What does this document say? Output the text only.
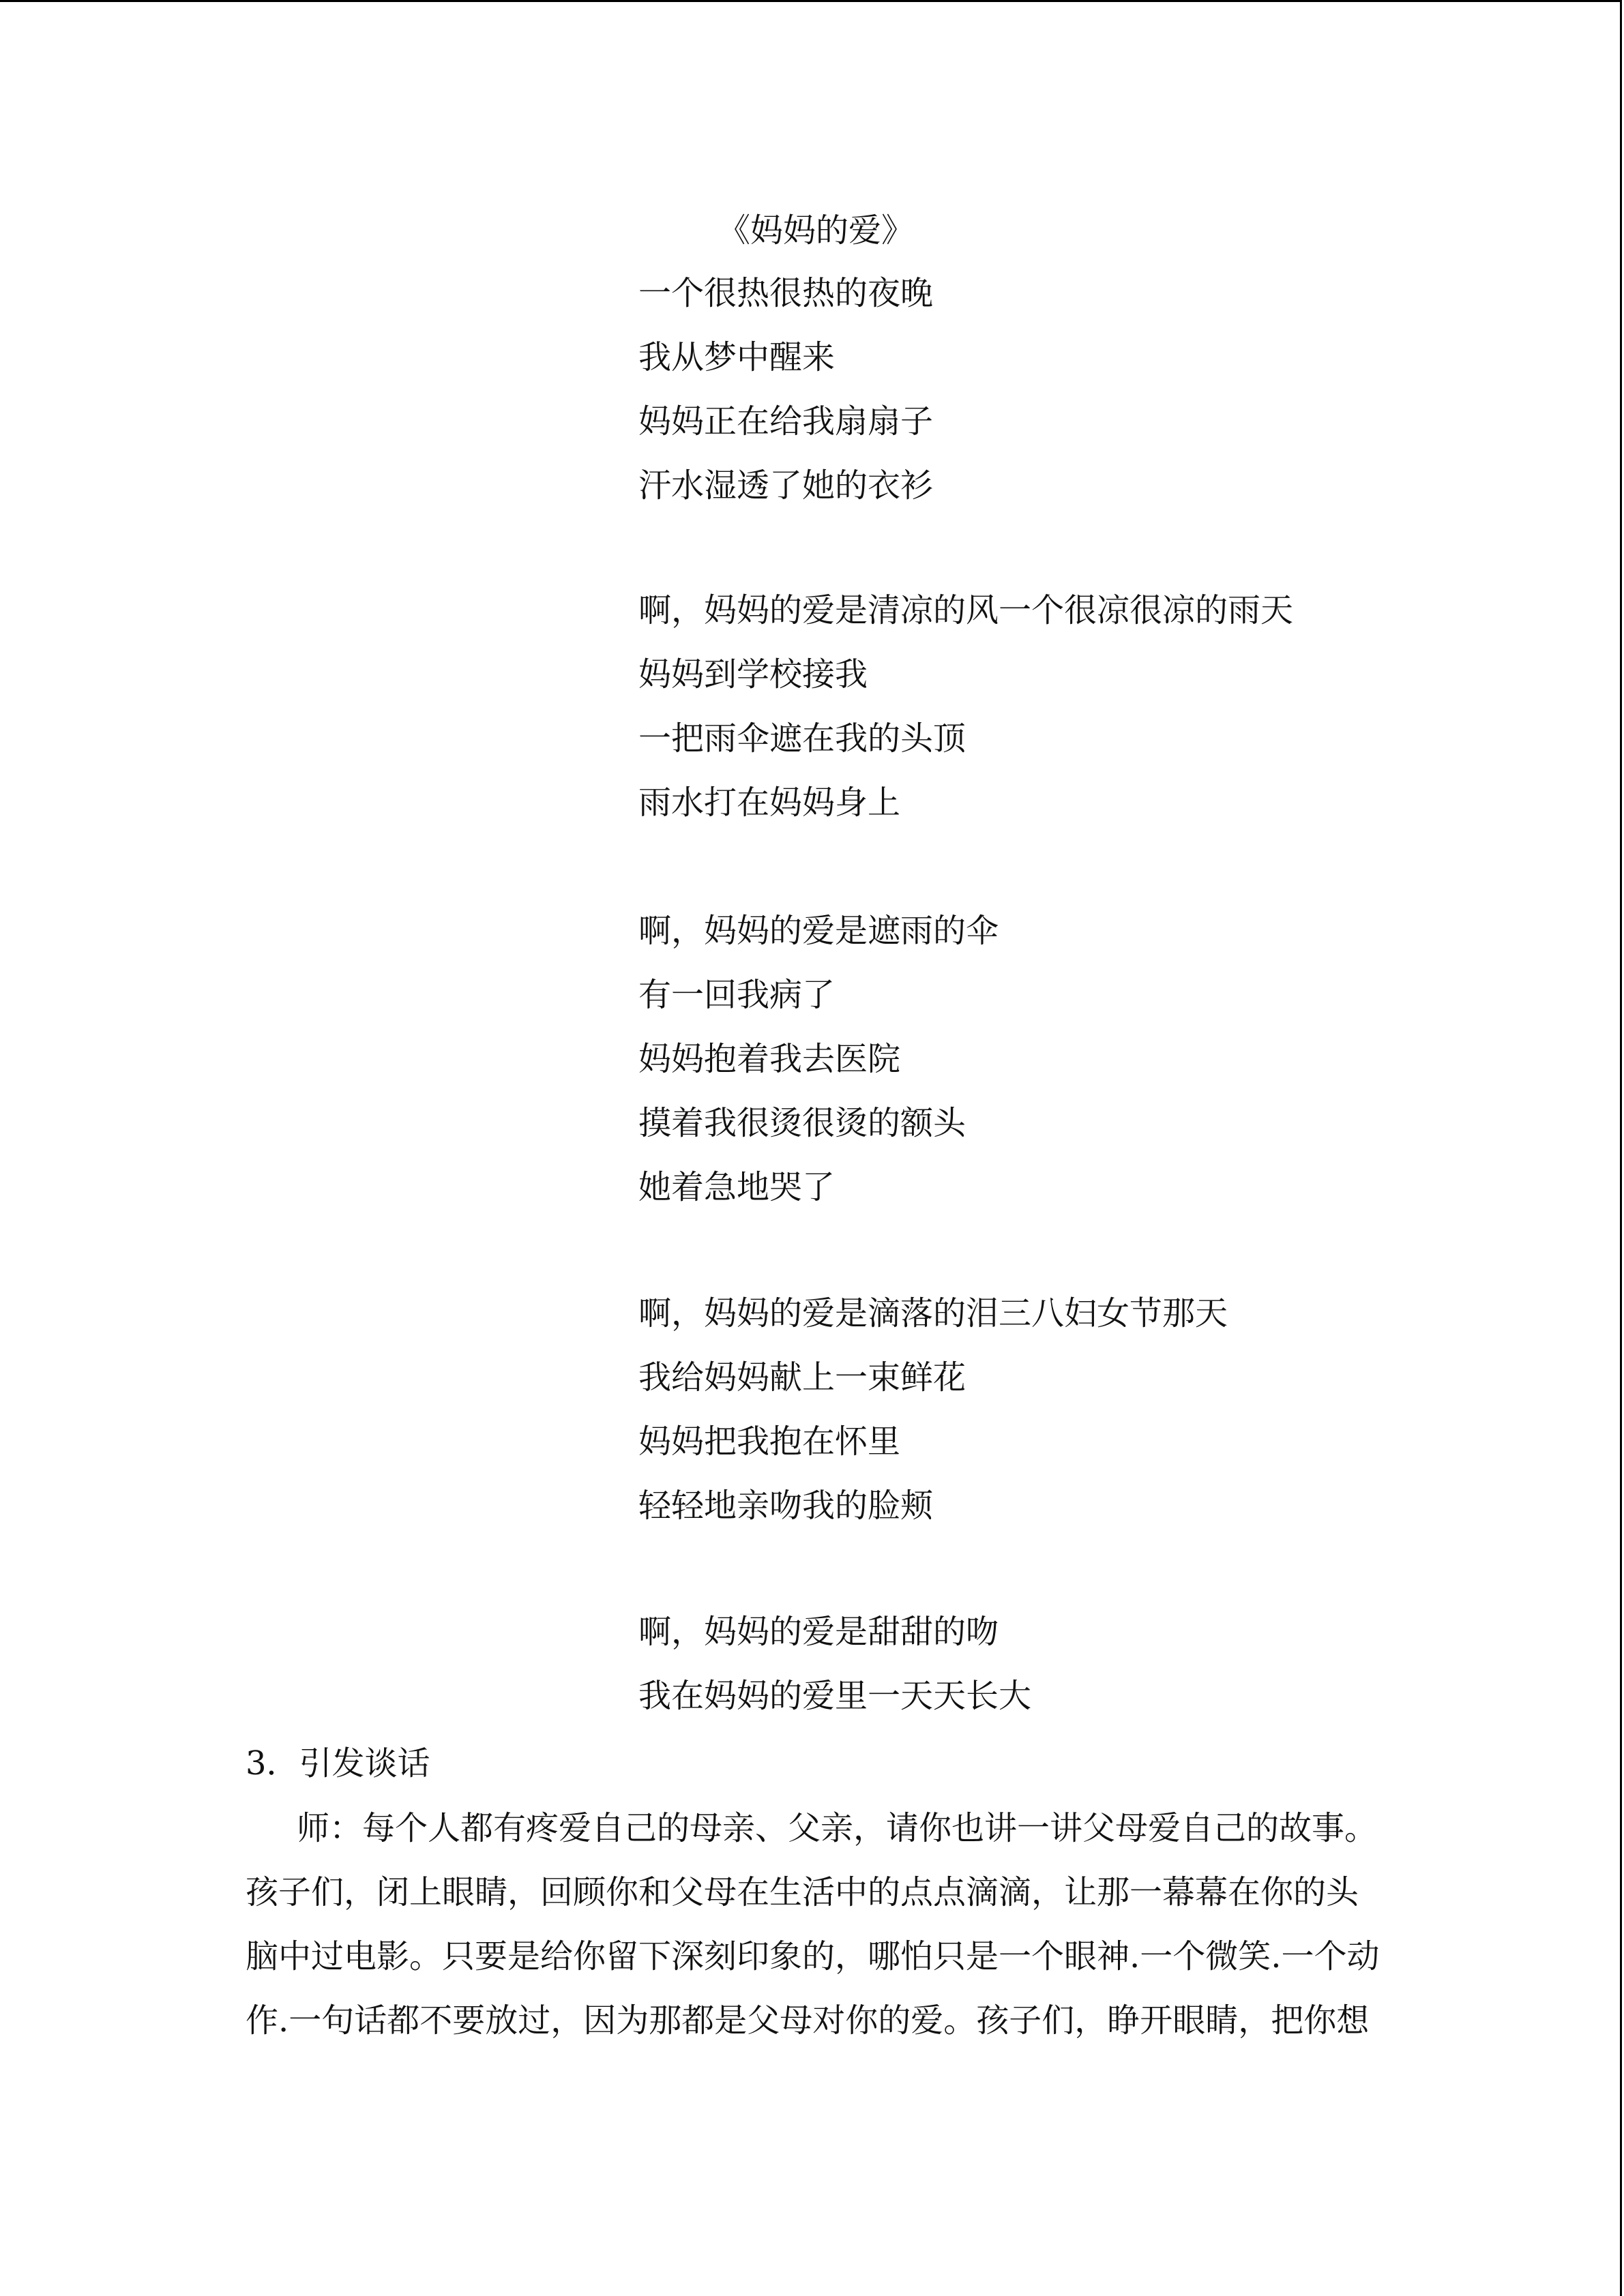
《妈妈的爱》
一个很热很热的夜晚
我从梦中醒来
妈妈正在给我扇扇子
汗水湿透了她的衣衫
啊，妈妈的爱是清凉的风一个很凉很凉的雨天
妈妈到学校接我
一把雨伞遮在我的头顶
雨水打在妈妈身上
啊，妈妈的爱是遮雨的伞
有一回我病了
妈妈抱着我去医院
摸着我很烫很烫的额头
她着急地哭了
啊，妈妈的爱是滴落的泪三八妇女节那天
我给妈妈献上一束鲜花
妈妈把我抱在怀里
轻轻地亲吻我的脸颊
啊，妈妈的爱是甜甜的吻
我在妈妈的爱里一天天长大
3．引发谈话
师：每个人都有疼爱自己的母亲、父亲，请你也讲一讲父母爱自己的故事。
孩子们，闭上眼睛，回顾你和父母在生活中的点点滴滴，让那一幕幕在你的头
脑中过电影。只要是给你留下深刻印象的，哪怕只是一个眼神.一个微笑.一个动
作.一句话都不要放过，因为那都是父母对你的爱。孩子们，睁开眼睛，把你想
